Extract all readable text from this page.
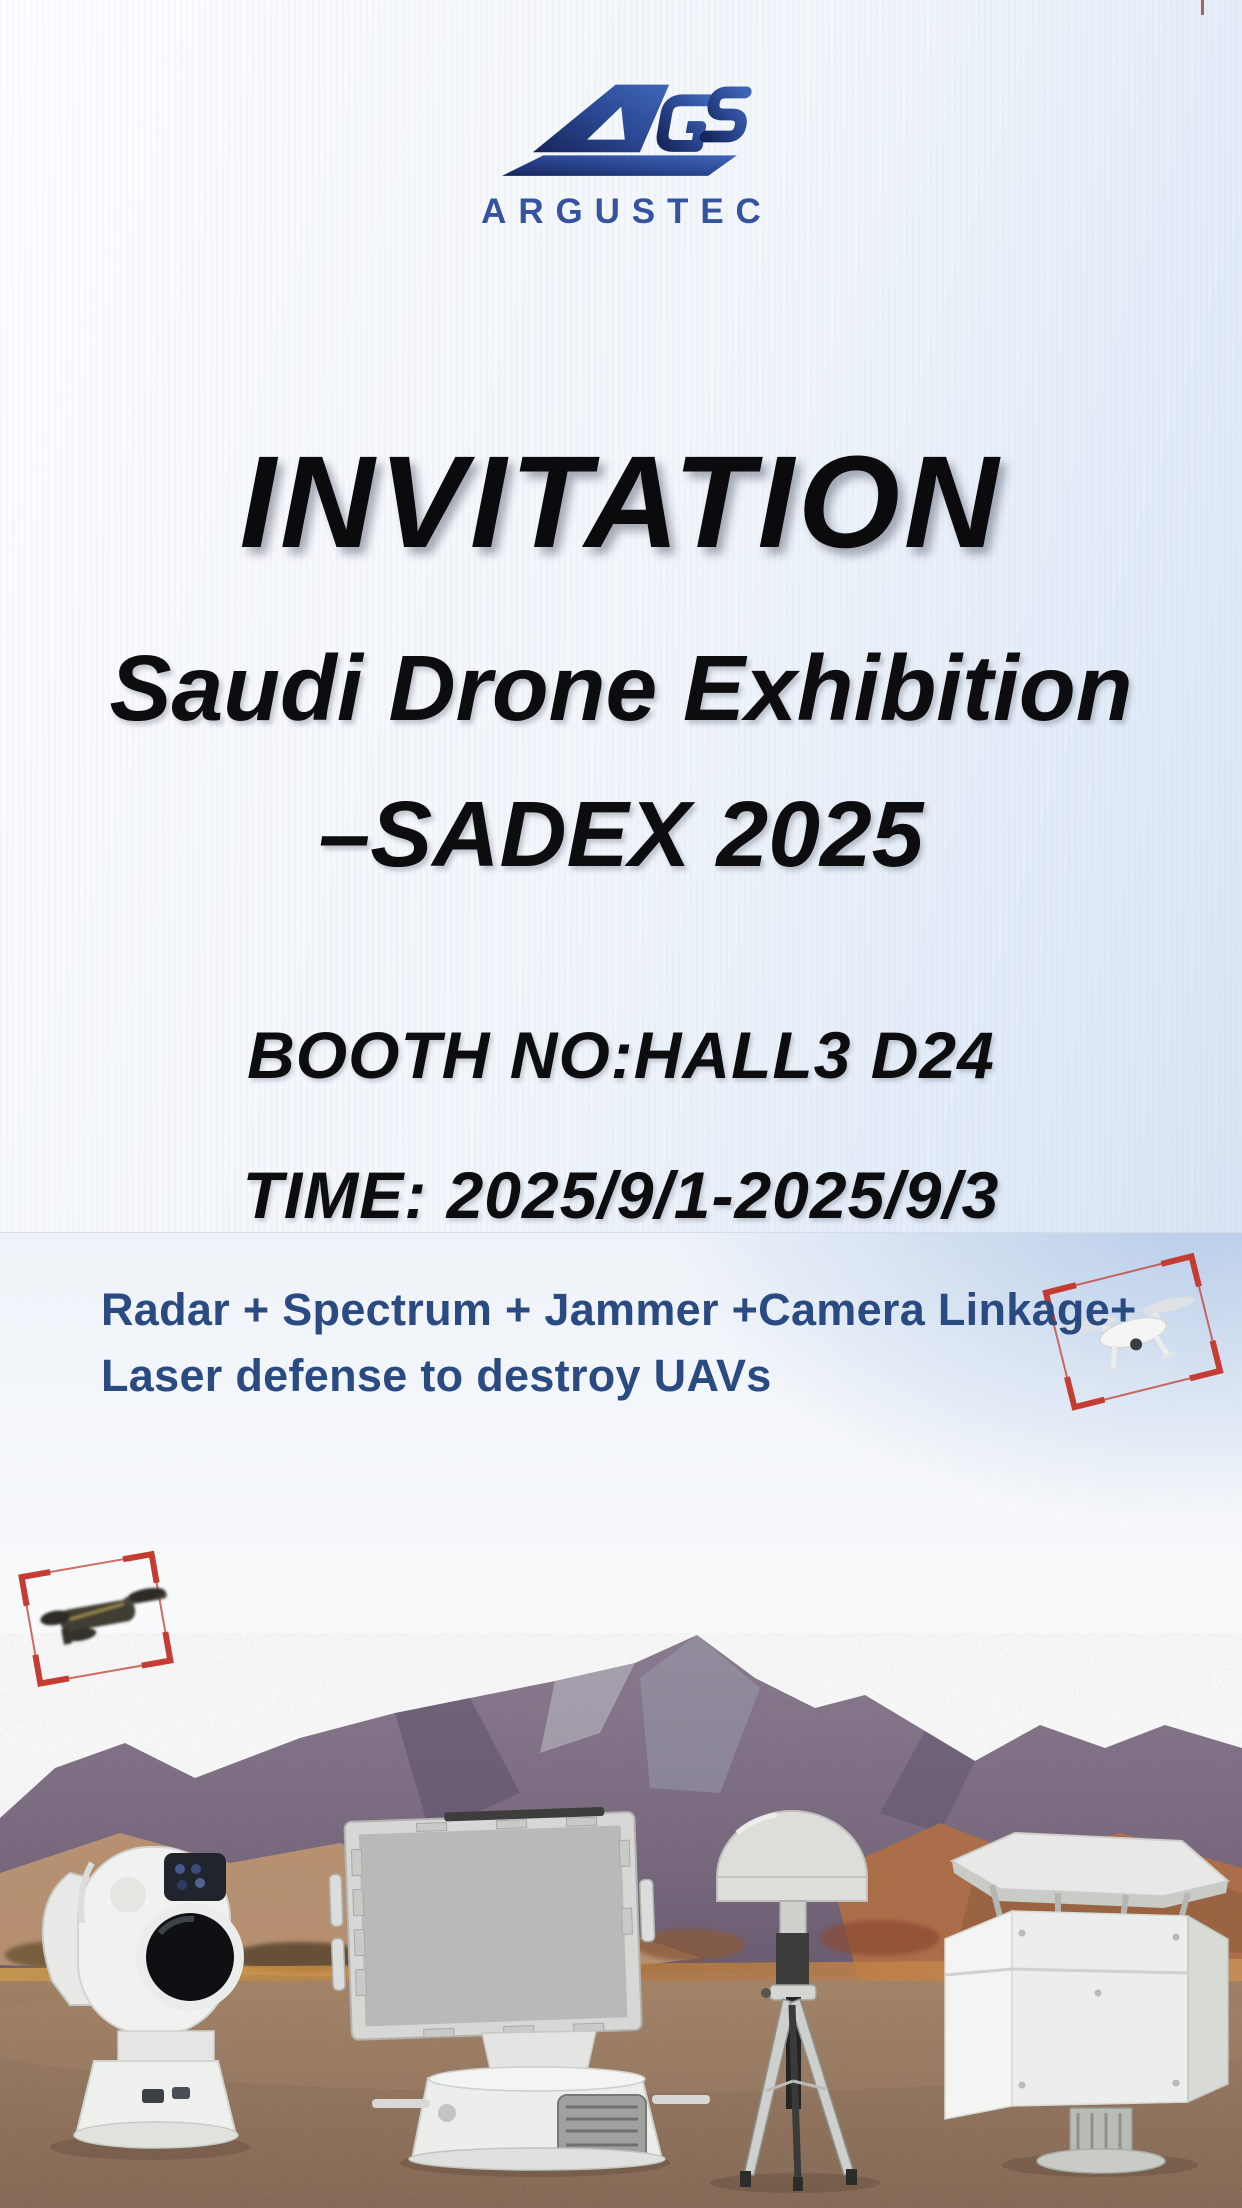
ARGUSTEC
INVITATION
Saudi Drone Exhibition
–SADEX 2025
BOOTH NO:HALL3 D24
TIME: 2025/9/1-2025/9/3
Radar + Spectrum + Jammer +Camera Linkage+
Laser defense to destroy UAVs
